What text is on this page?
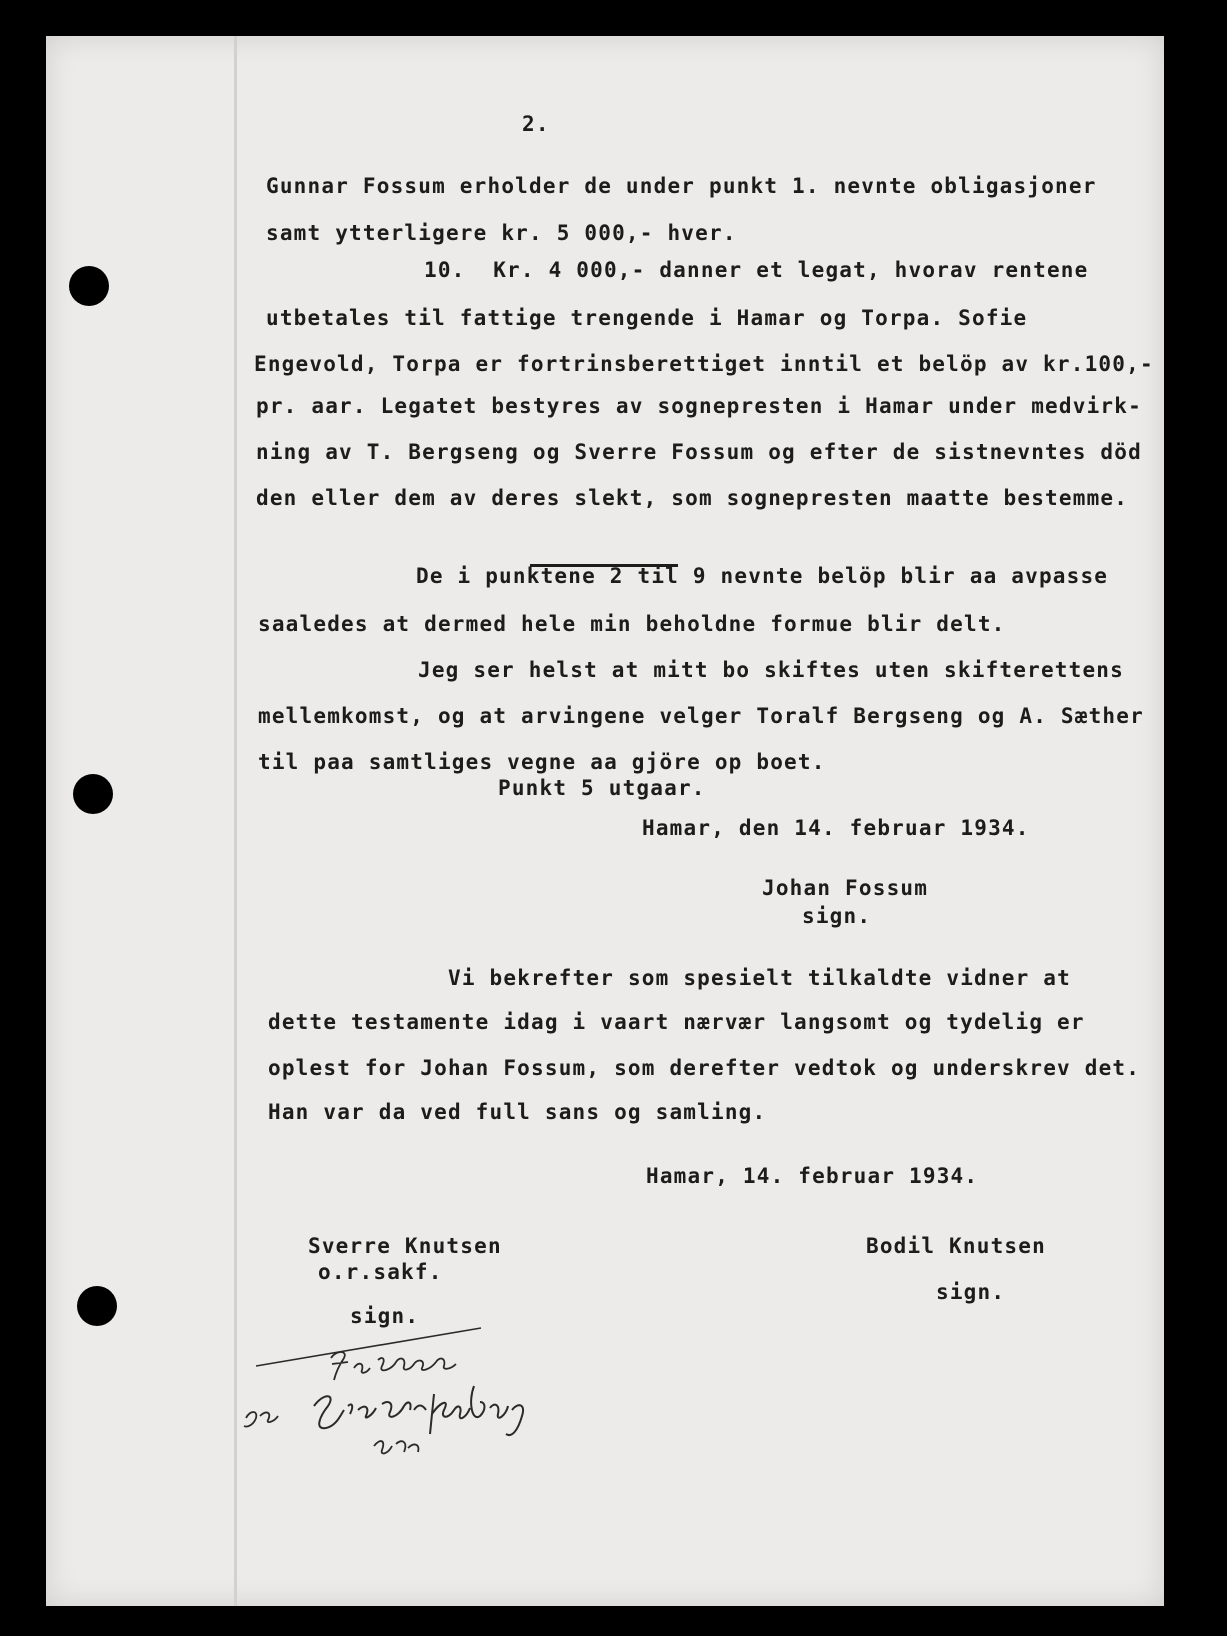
2.
Gunnar Fossum erholder de under punkt 1. nevnte obligasjoner
samt ytterligere kr. 5 000,- hver.
10.  Kr. 4 000,- danner et legat, hvorav rentene
utbetales til fattige trengende i Hamar og Torpa. Sofie
Engevold, Torpa er fortrinsberettiget inntil et belöp av kr.100,-
pr. aar. Legatet bestyres av sognepresten i Hamar under medvirk-
ning av T. Bergseng og Sverre Fossum og efter de sistnevntes död
den eller dem av deres slekt, som sognepresten maatte bestemme.
De i punktene 2 til 9 nevnte belöp blir aa avpasse
saaledes at dermed hele min beholdne formue blir delt.
Jeg ser helst at mitt bo skiftes uten skifterettens
mellemkomst, og at arvingene velger Toralf Bergseng og A. Sæther
til paa samtliges vegne aa gjöre op boet.
Punkt 5 utgaar.
Hamar, den 14. februar 1934.
Johan Fossum
sign.
Vi bekrefter som spesielt tilkaldte vidner at
dette testamente idag i vaart nærvær langsomt og tydelig er
oplest for Johan Fossum, som derefter vedtok og underskrev det.
Han var da ved full sans og samling.
Hamar, 14. februar 1934.
Sverre Knutsen
o.r.sakf.
sign.
Bodil Knutsen
sign.
